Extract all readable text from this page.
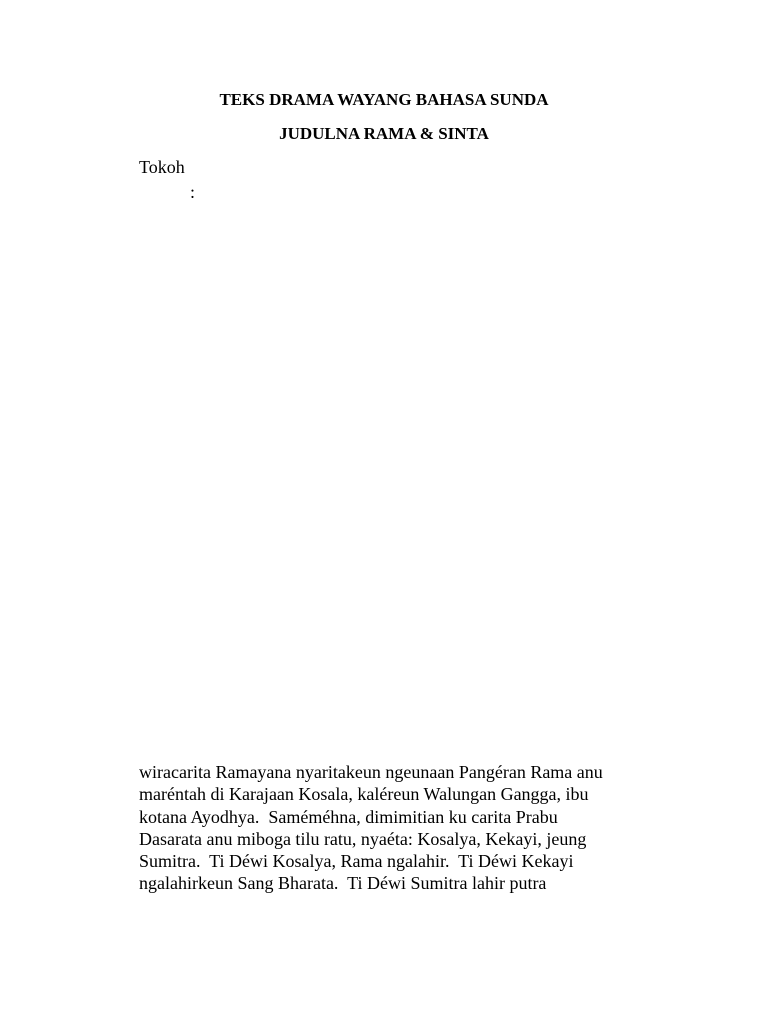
TEKS DRAMA WAYANG BAHASA SUNDA
JUDULNA RAMA & SINTA
Tokoh
:
wiracarita Ramayana nyaritakeun ngeunaan Pangéran Rama anu
maréntah di Karajaan Kosala, kaléreun Walungan Gangga, ibu
kotana Ayodhya.  Saméméhna, dimimitian ku carita Prabu
Dasarata anu miboga tilu ratu, nyaéta: Kosalya, Kekayi, jeung
Sumitra.  Ti Déwi Kosalya, Rama ngalahir.  Ti Déwi Kekayi
ngalahirkeun Sang Bharata.  Ti Déwi Sumitra lahir putra
